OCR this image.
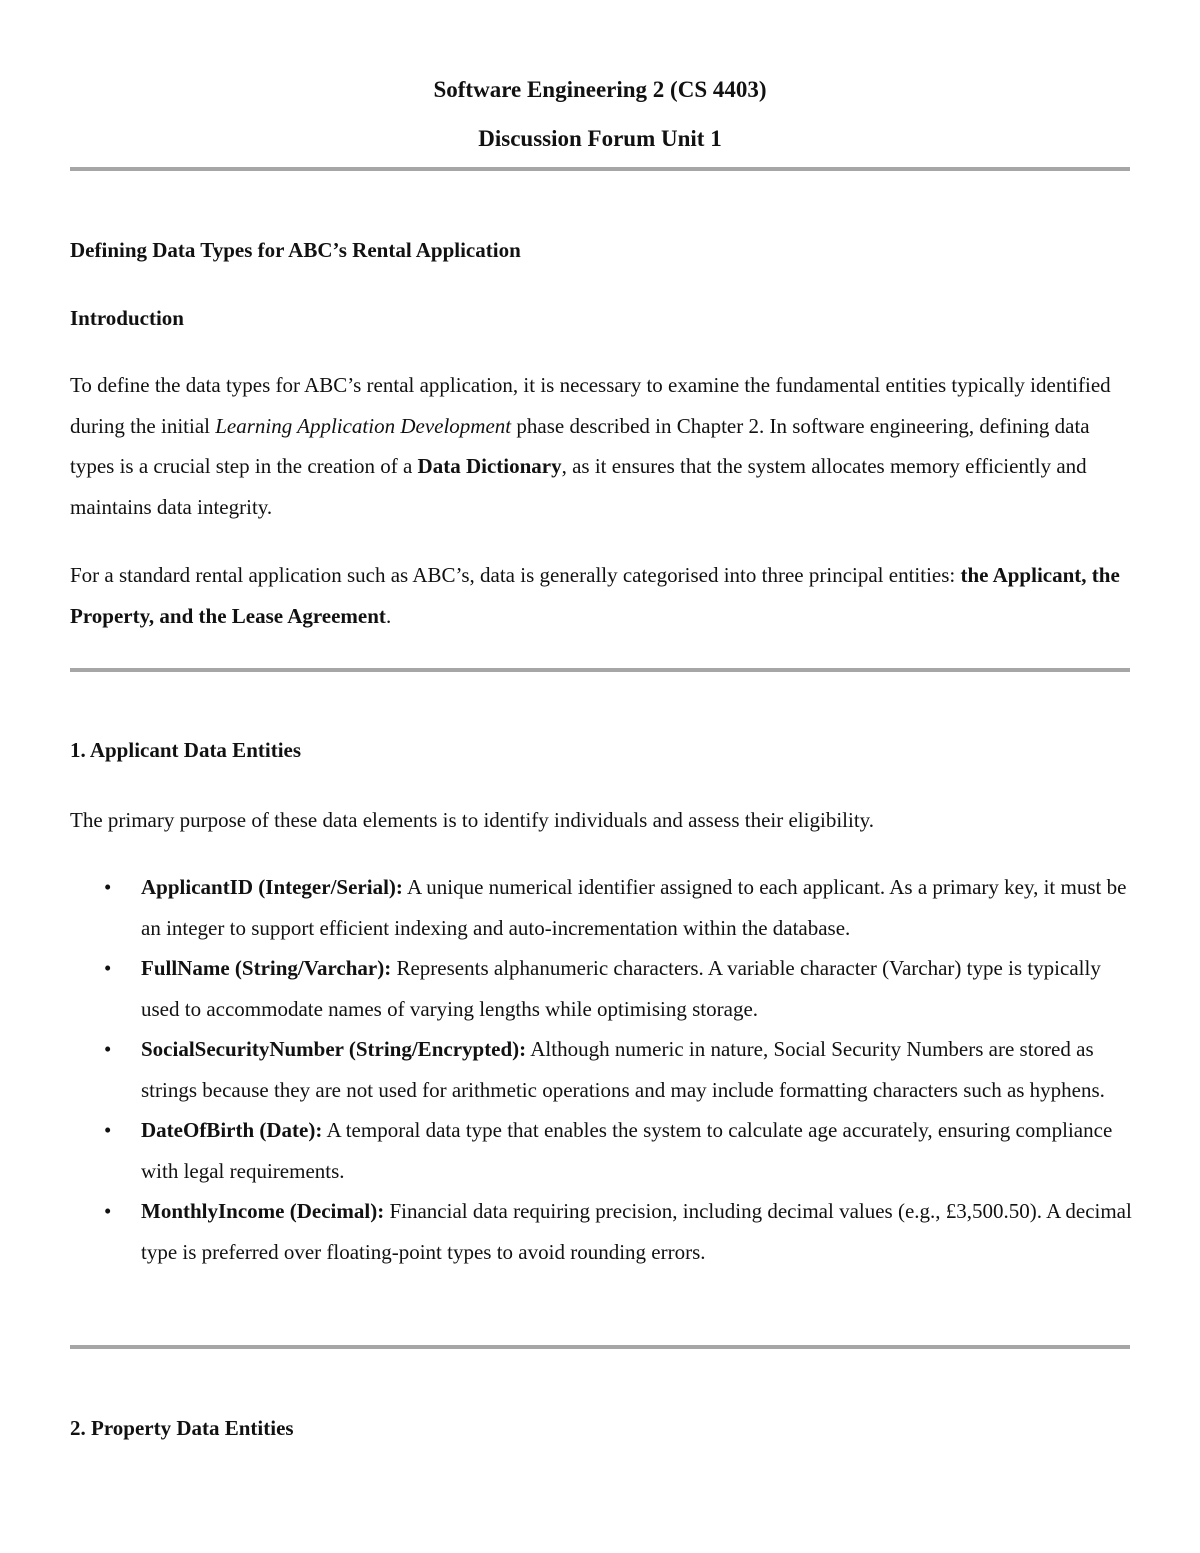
Software Engineering 2 (CS 4403)
Discussion Forum Unit 1
Defining Data Types for ABC’s Rental Application
Introduction

To define the data types for ABC’s rental application, it is necessary to examine the fundamental entities typically identified during the initial Learning Application Development phase described in Chapter 2. In software engineering, defining data types is a crucial step in the creation of a Data Dictionary, as it ensures that the system allocates memory efficiently and maintains data integrity.

For a standard rental application such as ABC’s, data is generally categorised into three principal entities: the Applicant, the Property, and the Lease Agreement.

1. Applicant Data Entities

The primary purpose of these data elements is to identify individuals and assess their eligibility.

• ApplicantID (Integer/Serial): A unique numerical identifier assigned to each applicant. As a primary key, it must be an integer to support efficient indexing and auto-incrementation within the database.
• FullName (String/Varchar): Represents alphanumeric characters. A variable character (Varchar) type is typically used to accommodate names of varying lengths while optimising storage.
• SocialSecurityNumber (String/Encrypted): Although numeric in nature, Social Security Numbers are stored as strings because they are not used for arithmetic operations and may include formatting characters such as hyphens.
• DateOfBirth (Date): A temporal data type that enables the system to calculate age accurately, ensuring compliance with legal requirements.
• MonthlyIncome (Decimal): Financial data requiring precision, including decimal values (e.g., £3,500.50). A decimal type is preferred over floating-point types to avoid rounding errors.
2. Property Data Entities
